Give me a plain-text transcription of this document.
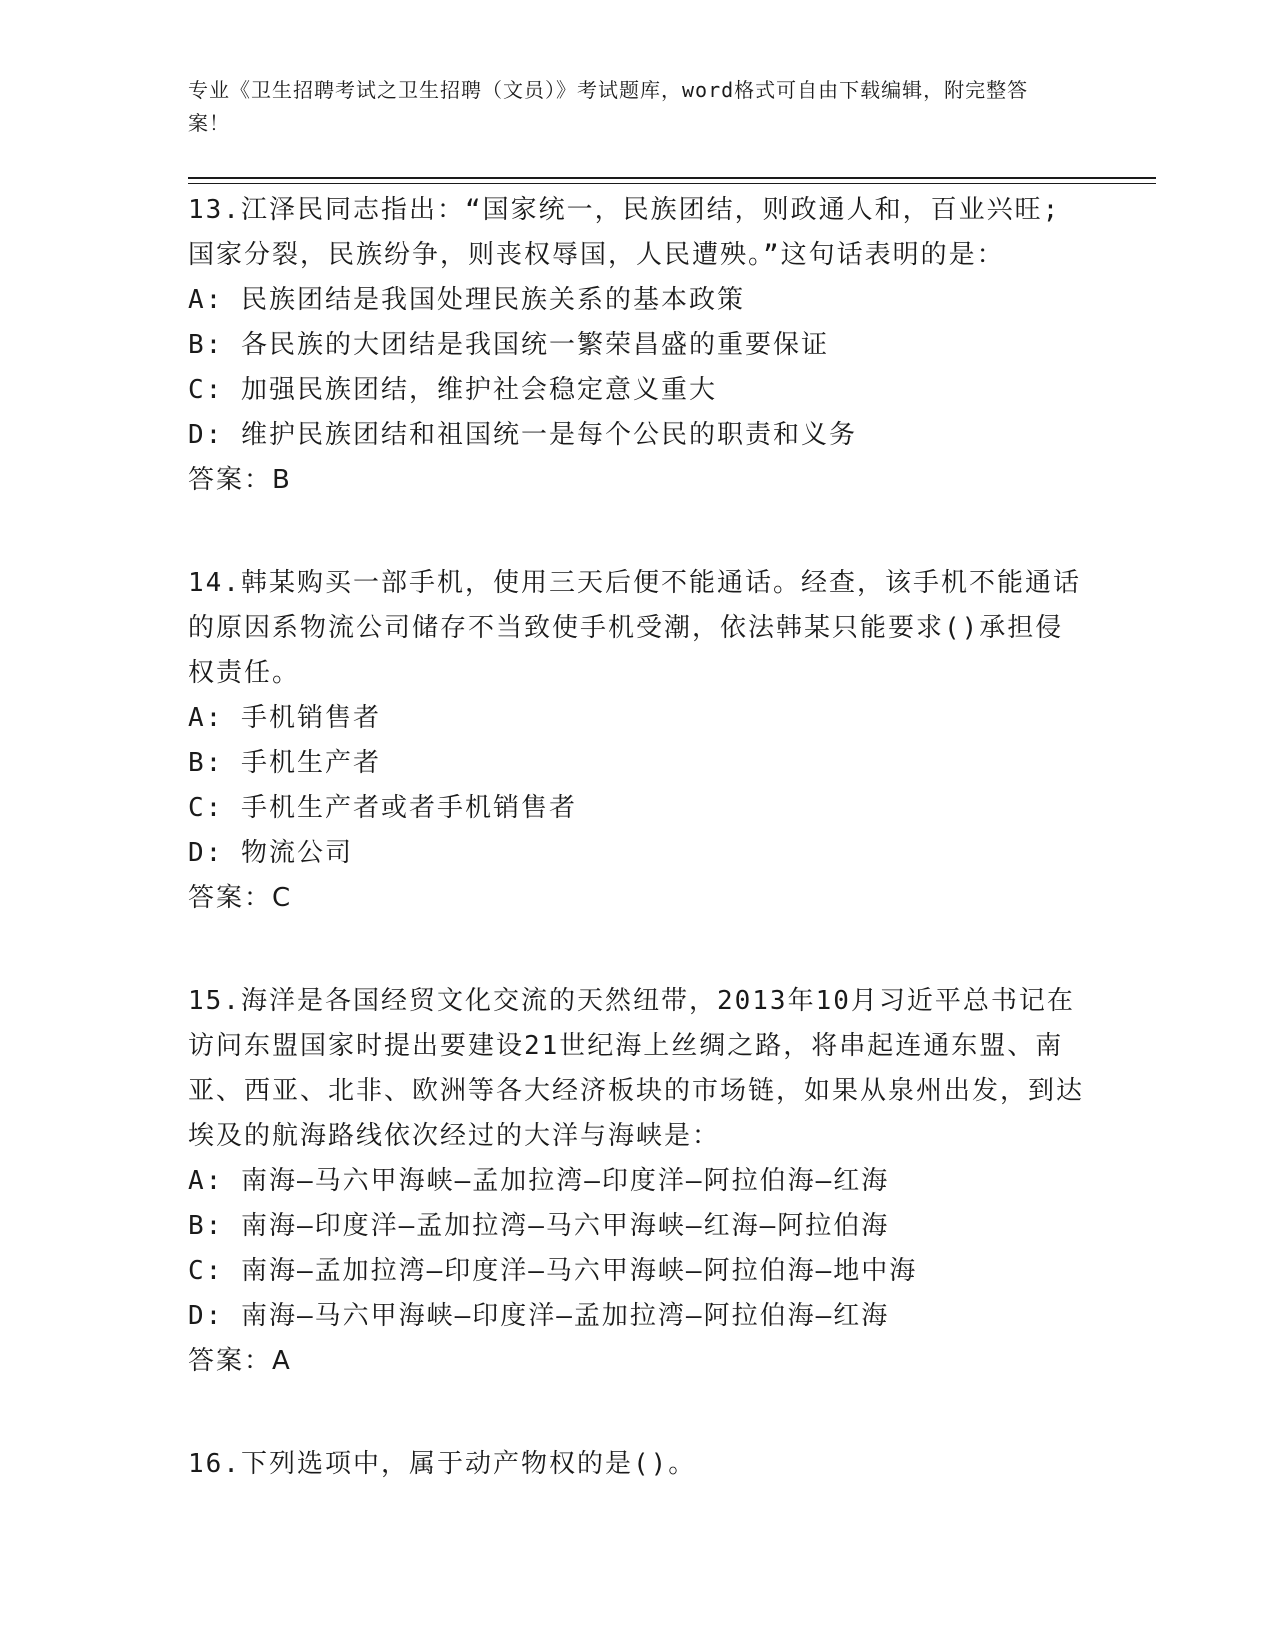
专业《卫生招聘考试之卫生招聘（文员）》考试题库，word格式可自由下载编辑，附完整答案！

13.江泽民同志指出：“国家统一，民族团结，则政通人和，百业兴旺;国家分裂，民族纷争，则丧权辱国，人民遭殃。”这句话表明的是：

A: 民族团结是我国处理民族关系的基本政策

B: 各民族的大团结是我国统一繁荣昌盛的重要保证

C: 加强民族团结，维护社会稳定意义重大

D: 维护民族团结和祖国统一是每个公民的职责和义务

答案：B

14.韩某购买一部手机，使用三天后便不能通话。经查，该手机不能通话的原因系物流公司储存不当致使手机受潮，依法韩某只能要求()承担侵权责任。

A: 手机销售者

B: 手机生产者

C: 手机生产者或者手机销售者

D: 物流公司

答案：C

15.海洋是各国经贸文化交流的天然纽带，2013年10月习近平总书记在访问东盟国家时提出要建设21世纪海上丝绸之路，将串起连通东盟、南亚、西亚、北非、欧洲等各大经济板块的市场链，如果从泉州出发，到达埃及的航海路线依次经过的大洋与海峡是：

A: 南海—马六甲海峡—孟加拉湾—印度洋—阿拉伯海—红海

B: 南海—印度洋—孟加拉湾—马六甲海峡—红海—阿拉伯海

C: 南海—孟加拉湾—印度洋—马六甲海峡—阿拉伯海—地中海

D: 南海—马六甲海峡—印度洋—孟加拉湾—阿拉伯海—红海

答案：A

16.下列选项中，属于动产物权的是()。
